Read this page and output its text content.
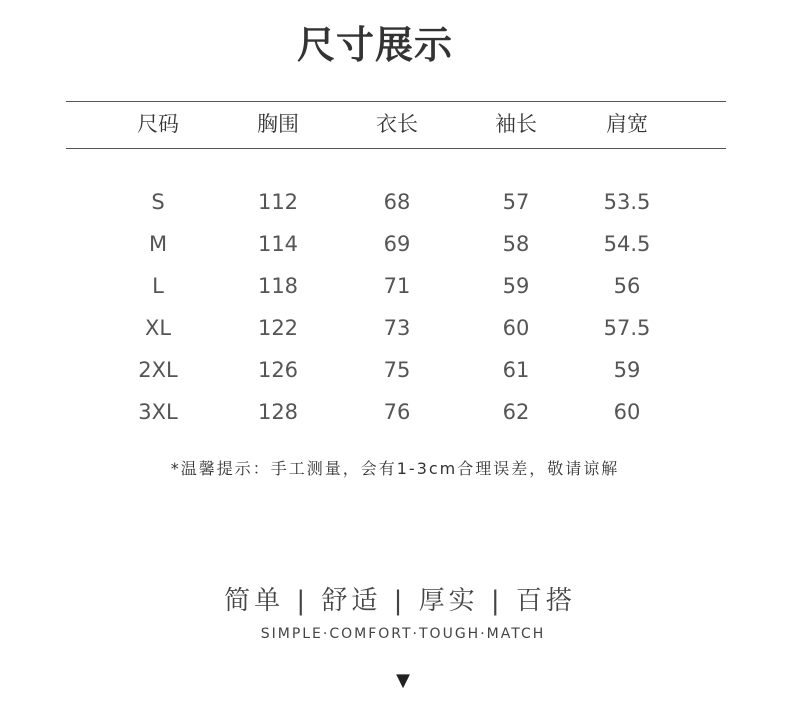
尺寸展示
尺码	胸围	衣长	袖长	肩宽
S	112	68	57	53.5
M	114	69	58	54.5
L	118	71	59	56
XL	122	73	60	57.5
2XL	126	75	61	59
3XL	128	76	62	60
*温馨提示：手工测量，会有1-3cm合理误差，敬请谅解
简单 | 舒适 | 厚实 | 百搭
SIMPLE·COMFORT·TOUGH·MATCH
▼
